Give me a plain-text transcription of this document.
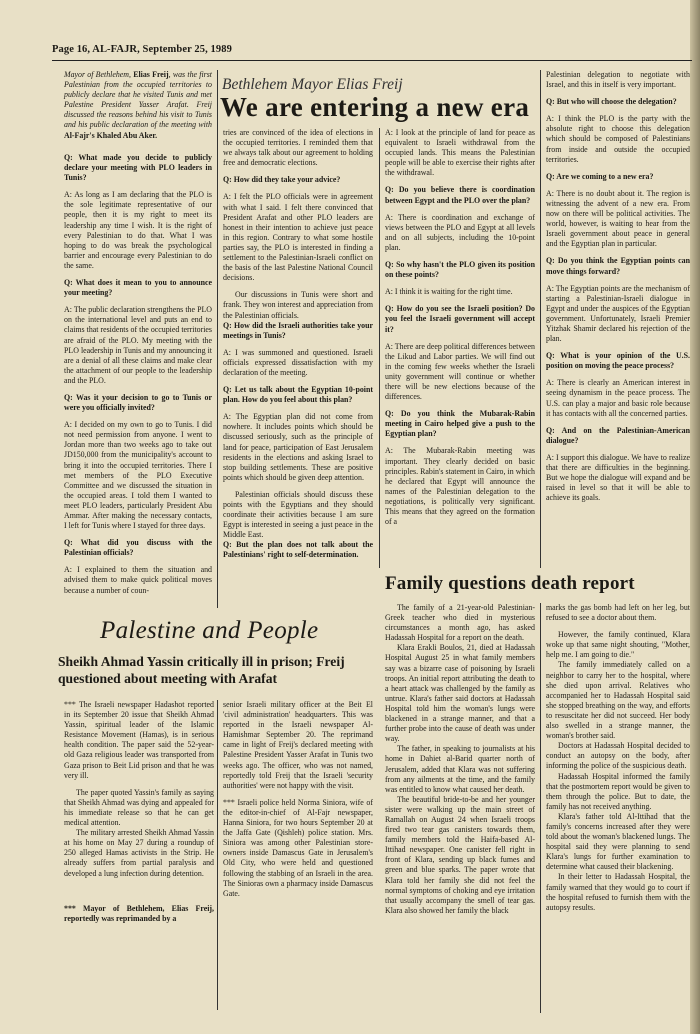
Page 16, AL-FAJR, September 25, 1989
Mayor of Bethlehem, Elias Freij, was the first Palestinian from the occupied territories to publicly declare that he visited Tunis and met Palestine President Yasser Arafat. Freij discussed the reasons behind his visit to Tunis and his public declaration of the meeting with Al-Fajr's Khaled Abu Aker.
Bethlehem Mayor Elias Freij
We are entering a new era

Q: What made you decide to publicly declare your meeting with PLO leaders in Tunis?

A: As long as I am declaring that the PLO is the sole legitimate representative of our people, then it is my right to meet its leadership any time I wish. It is the right of every Palestinian to do that. What I was hoping to do was break the psychological barrier and encourage every Palestinian to do the same.

Q: What does it mean to you to announce your meeting?

A: The public declaration strengthens the PLO on the international level and puts an end to claims that residents of the occupied territories are afraid of the PLO. My meeting with the PLO leadership in Tunis and my announcing it are a denial of all these claims and make clear the attachment of our people to the leadership and the PLO.

Q: Was it your decision to go to Tunis or were you officially invited?

A: I decided on my own to go to Tunis. I did not need permission from anyone. I went to Jordan more than two weeks ago to take out JD150,000 from the municipality's account to bring it into the occupied territories. There I met members of the PLO Executive Committee and we discussed the situation in the occupied areas. I told them I wanted to meet PLO leaders, particularly President Abu Ammar. After making the necessary contacts, I left for Tunis where I stayed for three days.

Q: What did you discuss with the Palestinian officials?

A: I explained to them the situation and advised them to make quick political moves because a number of coun-

tries are convinced of the idea of elections in the occupied territories. I reminded them that we always talk about our agreement to holding free and democratic elections.

Q: How did they take your advice?

A: I felt the PLO officials were in agreement with what I said. I felt there convinced that President Arafat and other PLO leaders are honest in their intention to achieve just peace in this region. Contrary to what some hostile parties say, the PLO is interested in finding a settlement to the Palestinian-Israeli conflict on the basis of the last Palestine National Council decisions.

Our discussions in Tunis were short and frank. They won interest and appreciation from the Palestinian officials.

Q: How did the Israeli authorities take your meetings in Tunis?

A: I was summoned and questioned. Israeli officials expressed dissatisfaction with my declaration of the meeting.

Q: Let us talk about the Egyptian 10-point plan. How do you feel about this plan?

A: The Egyptian plan did not come from nowhere. It includes points which should be discussed seriously, such as the principle of land for peace, participation of East Jerusalem residents in the elections and asking Israel to stop building settlements. These are positive points which should be given deep attention.

Palestinian officials should discuss these points with the Egyptians and they should coordinate their activities because I am sure Egypt is interested in seeing a just peace in the Middle East.

Q: But the plan does not talk about the Palestinians' right to self-determination.

A: I look at the principle of land for peace as equivalent to Israeli withdrawal from the occupied lands. This means the Palestinian people will be able to exercise their rights after the withdrawal.

Q: Do you believe there is coordination between Egypt and the PLO over the plan?

A: There is coordination and exchange of views between the PLO and Egypt at all levels and on all subjects, including the 10-point plan.

Q: So why hasn't the PLO given its position on these points?

A: I think it is waiting for the right time.

Q: How do you see the Israeli position? Do you feel the Israeli government will accept it?

A: There are deep political differences between the Likud and Labor parties. We will find out in the coming few weeks whether the Israeli unity government will continue or whether there will be new elections because of the differences.

Q: Do you think the Mubarak-Rabin meeting in Cairo helped give a push to the Egyptian plan?

A: The Mubarak-Rabin meeting was important. They clearly decided on basic principles. Rabin's statement in Cairo, in which he declared that Egypt will announce the names of the Palestinian delegation to the negotiations, is politically very significant. This means that they agreed on the formation of a

Palestinian delegation to negotiate with Israel, and this in itself is very important.

Q: But who will choose the delegation?

A: I think the PLO is the party with the absolute right to choose this delegation which should be composed of Palestinians from inside and outside the occupied territories.

Q: Are we coming to a new era?

A: There is no doubt about it. The region is witnessing the advent of a new era. From now on there will be political activities. The world, however, is waiting to hear from the Israeli government about peace in general and the Egyptian plan in particular.

Q: Do you think the Egyptian points can move things forward?

A: The Egyptian points are the mechanism of starting a Palestinian-Israeli dialogue in Egypt and under the auspices of the Egyptian government. Unfortunately, Israeli Premier Yitzhak Shamir declared his rejection of the plan.

Q: What is your opinion of the U.S. position on moving the peace process?

A: There is clearly an American interest in seeing dynamism in the peace process. The U.S. can play a major and basic role because it has contacts with all the concerned parties.

Q: And on the Palestinian-American dialogue?

A: I support this dialogue. We have to realize that there are difficulties in the beginning. But we hope the dialogue will expand and be raised in level so that it will be able to achieve its goals.

Family questions death report

The family of a 21-year-old Palestinian-Greek teacher who died in mysterious circumstances a month ago, has asked Hadassah Hospital for a report on the death.

Klara Erakli Boulos, 21, died at Hadassah Hospital August 25 in what family members say was a bizarre case of poisoning by Israeli troops. An initial report attributing the death to a heart attack was challenged by the family as untrue. Klara's father said doctors at Hadassah Hospital told him the woman's lungs were blackened in a strange manner, and that a further probe into the cause of death was under way.

The father, in speaking to journalists at his home in Dahiet al-Barid quarter north of Jerusalem, added that Klara was not suffering from any ailments at the time, and the family was entitled to know what caused her death.

The beautiful bride-to-be and her younger sister were walking up the main street of Ramallah on August 24 when Israeli troops fired two tear gas canisters towards them, family members told the Haifa-based Al-Ittihad newspaper. One canister fell right in front of Klara, sending up black fumes and green and blue sparks. The paper wrote that Klara told her family she did not feel the normal symptoms of choking and eye irritation that usually accompany the smell of tear gas. Klara also showed her family the black

marks the gas bomb had left on her leg, but refused to see a doctor about them.

However, the family continued, Klara woke up that same night shouting, "Mother, help me. I am going to die."

The family immediately called on a neighbor to carry her to the hospital, where she died upon arrival. Relatives who accompanied her to Hadassah Hospital said she stopped breathing on the way, and efforts to resuscitate her did not succeed. Her body also swelled in a strange manner, the woman's brother said.

Doctors at Hadassah Hospital decided to conduct an autopsy on the body, after informing the police of the suspicious death.

Hadassah Hospital informed the family that the postmortem report would be given to them through the police. But to date, the family has not received anything.

Klara's father told Al-Ittihad that the family's concerns increased after they were told about the woman's blackened lungs. The hospital said they were planning to send Klara's lungs for further examination to determine what caused their blackening.

In their letter to Hadassah Hospital, the family warned that they would go to court if the hospital refused to furnish them with the autopsy results.

Palestine and People
Sheikh Ahmad Yassin critically ill in prison; Freij questioned about meeting with Arafat

*** The Israeli newspaper Hadashot reported in its September 20 issue that Sheikh Ahmad Yassin, spiritual leader of the Islamic Resistance Movement (Hamas), is in serious health condition. The paper said the 52-year-old Gaza religious leader was transported from Gaza prison to Beit Lid prison and that he was very ill.

The paper quoted Yassin's family as saying that Sheikh Ahmad was dying and appealed for his immediate release so that he can get medical attention.

The military arrested Sheikh Ahmad Yassin at his home on May 27 during a roundup of 250 alleged Hamas activists in the Strip. He already suffers from partial paralysis and developed a lung infection during detention.

*** Mayor of Bethlehem, Elias Freij, reportedly was reprimanded by a

senior Israeli military officer at the Beit El 'civil administration' headquarters. This was reported in the Israeli newspaper Al-Hamishmar September 20. The reprimand came in light of Freij's declared meeting with Palestine President Yasser Arafat in Tunis two weeks ago. The officer, who was not named, reportedly told Freij that the Israeli 'security authorities' were not happy with the visit.

*** Israeli police held Norma Siniora, wife of the editor-in-chief of Al-Fajr newspaper, Hanna Siniora, for two hours September 20 at the Jaffa Gate (Qishleh) police station. Mrs. Siniora was among other Palestinian store-owners inside Damascus Gate in Jerusalem's Old City, who were held and questioned following the stabbing of an Israeli in the area. The Sinioras own a pharmacy inside Damascus Gate.
